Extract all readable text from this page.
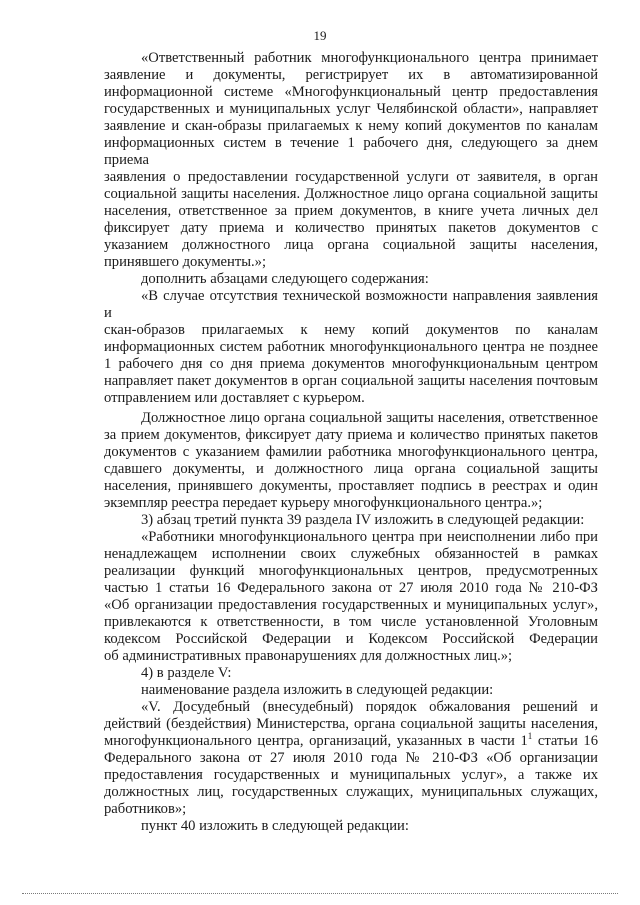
19
«Ответственный работник многофункционального центра принимает
заявление и документы, регистрирует их в автоматизированной
информационной системе «Многофункциональный центр предоставления
государственных и муниципальных услуг Челябинской области», направляет
заявление и скан-образы прилагаемых к нему копий документов по каналам
информационных систем в течение 1 рабочего дня, следующего за днем приема
заявления о предоставлении государственной услуги от заявителя, в орган
социальной защиты населения. Должностное лицо органа социальной защиты
населения, ответственное за прием документов, в книге учета личных дел
фиксирует дату приема и количество принятых пакетов документов с
указанием должностного лица органа социальной защиты населения,
принявшего документы.»;
дополнить абзацами следующего содержания:
«В случае отсутствия технической возможности направления заявления и
скан-образов прилагаемых к нему копий документов по каналам
информационных систем работник многофункционального центра не позднее
1 рабочего дня со дня приема документов многофункциональным центром
направляет пакет документов в орган социальной защиты населения почтовым
отправлением или доставляет с курьером.
Должностное лицо органа социальной защиты населения, ответственное
за прием документов, фиксирует дату приема и количество принятых пакетов
документов с указанием фамилии работника многофункционального центра,
сдавшего документы, и должностного лица органа социальной защиты
населения, принявшего документы, проставляет подпись в реестрах и один
экземпляр реестра передает курьеру многофункционального центра.»;
3) абзац третий пункта 39 раздела IV изложить в следующей редакции:
«Работники многофункционального центра при неисполнении либо при
ненадлежащем исполнении своих служебных обязанностей в рамках
реализации функций многофункциональных центров, предусмотренных
частью 1 статьи 16 Федерального закона от 27 июля 2010 года № 210-ФЗ
«Об организации предоставления государственных и муниципальных услуг»,
привлекаются к ответственности, в том числе установленной Уголовным
кодексом Российской Федерации и Кодексом Российской Федерации
об административных правонарушениях для должностных лиц.»;
4) в разделе V:
наименование раздела изложить в следующей редакции:
«V. Досудебный (внесудебный) порядок обжалования решений и
действий (бездействия) Министерства, органа социальной защиты населения,
многофункционального центра, организаций, указанных в части $1^1$ статьи 16
Федерального закона от 27 июля 2010 года № 210-ФЗ «Об организации
предоставления государственных и муниципальных услуг», а также их
должностных лиц, государственных служащих, муниципальных служащих,
работников»;
пункт 40 изложить в следующей редакции:
